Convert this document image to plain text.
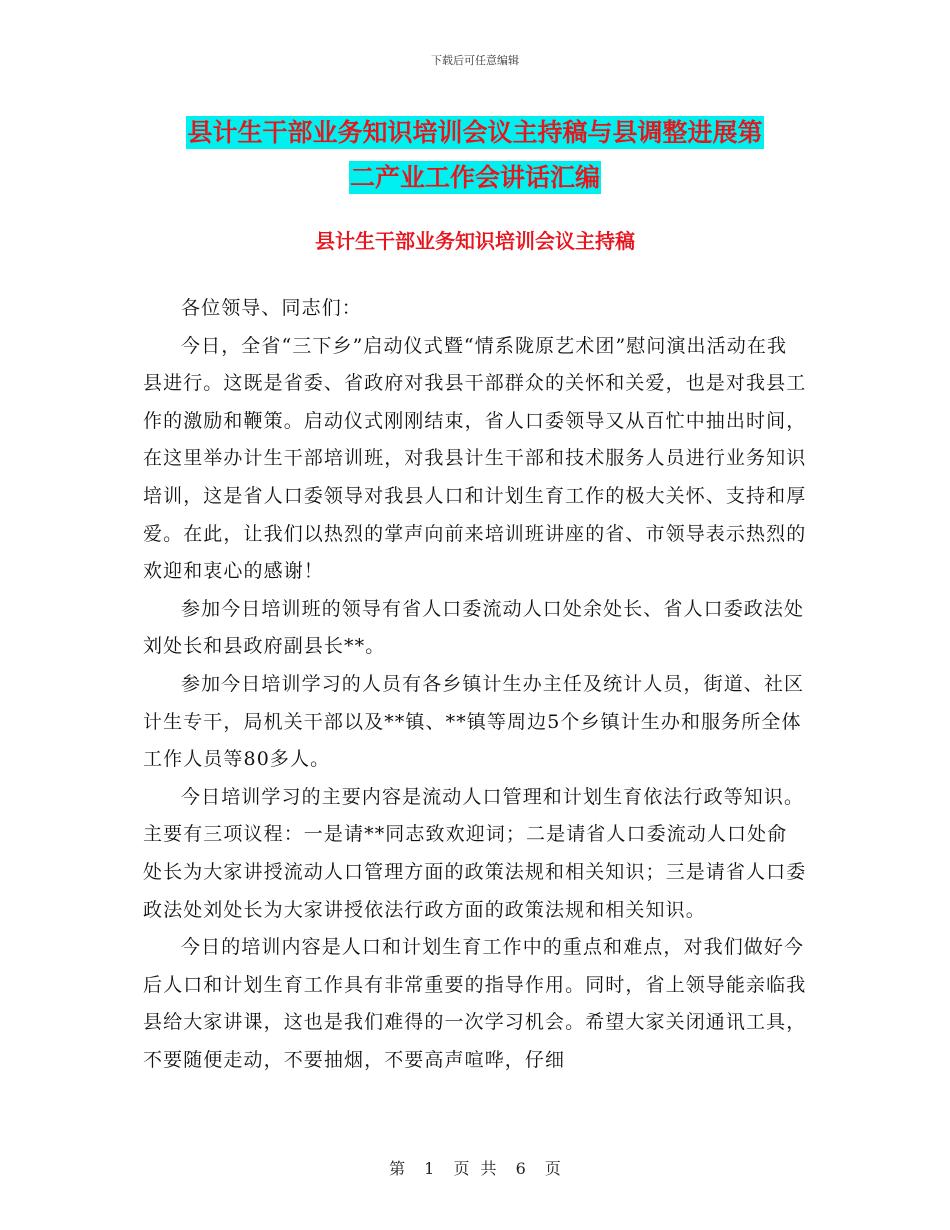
下载后可任意编辑
县计生干部业务知识培训会议主持稿与县调整进展第
二产业工作会讲话汇编
县计生干部业务知识培训会议主持稿

各位领导、同志们：

今日，全省“三下乡”启动仪式暨“情系陇原艺术团”慰问演出活动在我县进行。这既是省委、省政府对我县干部群众的关怀和关爱，也是对我县工作的激励和鞭策。启动仪式刚刚结束，省人口委领导又从百忙中抽出时间，在这里举办计生干部培训班，对我县计生干部和技术服务人员进行业务知识培训，这是省人口委领导对我县人口和计划生育工作的极大关怀、支持和厚爱。在此，让我们以热烈的掌声向前来培训班讲座的省、市领导表示热烈的欢迎和衷心的感谢！

参加今日培训班的领导有省人口委流动人口处余处长、省人口委政法处刘处长和县政府副县长**。

参加今日培训学习的人员有各乡镇计生办主任及统计人员，街道、社区计生专干，局机关干部以及**镇、**镇等周边5个乡镇计生办和服务所全体工作人员等80多人。

今日培训学习的主要内容是流动人口管理和计划生育依法行政等知识。主要有三项议程：一是请**同志致欢迎词；二是请省人口委流动人口处俞处长为大家讲授流动人口管理方面的政策法规和相关知识；三是请省人口委政法处刘处长为大家讲授依法行政方面的政策法规和相关知识。

今日的培训内容是人口和计划生育工作中的重点和难点，对我们做好今后人口和计划生育工作具有非常重要的指导作用。同时，省上领导能亲临我县给大家讲课，这也是我们难得的一次学习机会。希望大家关闭通讯工具，不要随便走动，不要抽烟，不要高声喧哗，仔细

第 1 页 共 6 页
